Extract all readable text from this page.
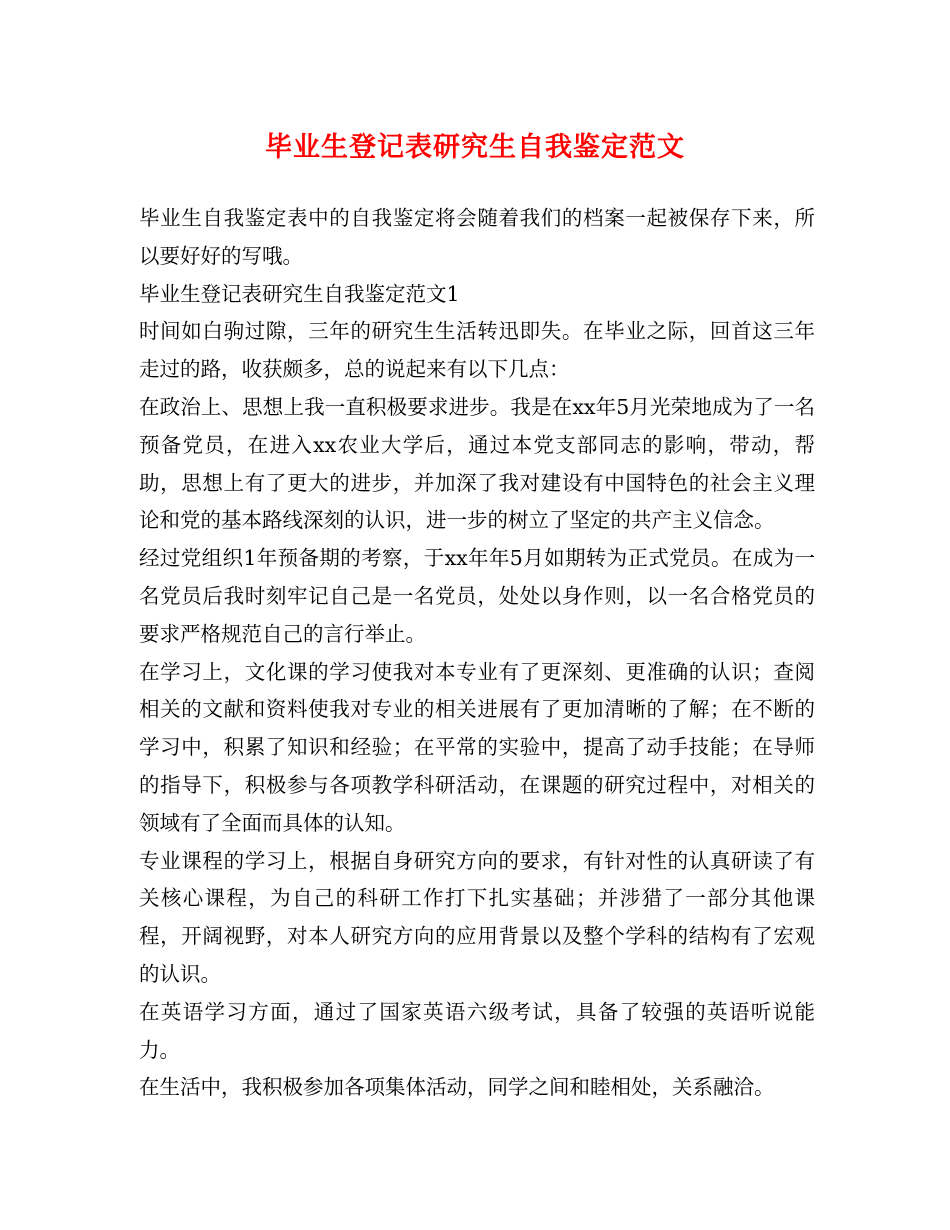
毕业生登记表研究生自我鉴定范文

毕业生自我鉴定表中的自我鉴定将会随着我们的档案一起被保存下来，所以要好好的写哦。

毕业生登记表研究生自我鉴定范文1

时间如白驹过隙，三年的研究生生活转迅即失。在毕业之际，回首这三年走过的路，收获颇多，总的说起来有以下几点：

在政治上、思想上我一直积极要求进步。我是在xx年5月光荣地成为了一名预备党员，在进入xx农业大学后，通过本党支部同志的影响，带动，帮助，思想上有了更大的进步，并加深了我对建设有中国特色的社会主义理论和党的基本路线深刻的认识，进一步的树立了坚定的共产主义信念。

经过党组织1年预备期的考察，于xx年年5月如期转为正式党员。在成为一名党员后我时刻牢记自己是一名党员，处处以身作则，以一名合格党员的要求严格规范自己的言行举止。

在学习上，文化课的学习使我对本专业有了更深刻、更准确的认识；查阅相关的文献和资料使我对专业的相关进展有了更加清晰的了解；在不断的学习中，积累了知识和经验；在平常的实验中，提高了动手技能；在导师的指导下，积极参与各项教学科研活动，在课题的研究过程中，对相关的领域有了全面而具体的认知。

专业课程的学习上，根据自身研究方向的要求，有针对性的认真研读了有关核心课程，为自己的科研工作打下扎实基础；并涉猎了一部分其他课程，开阔视野，对本人研究方向的应用背景以及整个学科的结构有了宏观的认识。

在英语学习方面，通过了国家英语六级考试，具备了较强的英语听说能力。

在生活中，我积极参加各项集体活动，同学之间和睦相处，关系融洽。
